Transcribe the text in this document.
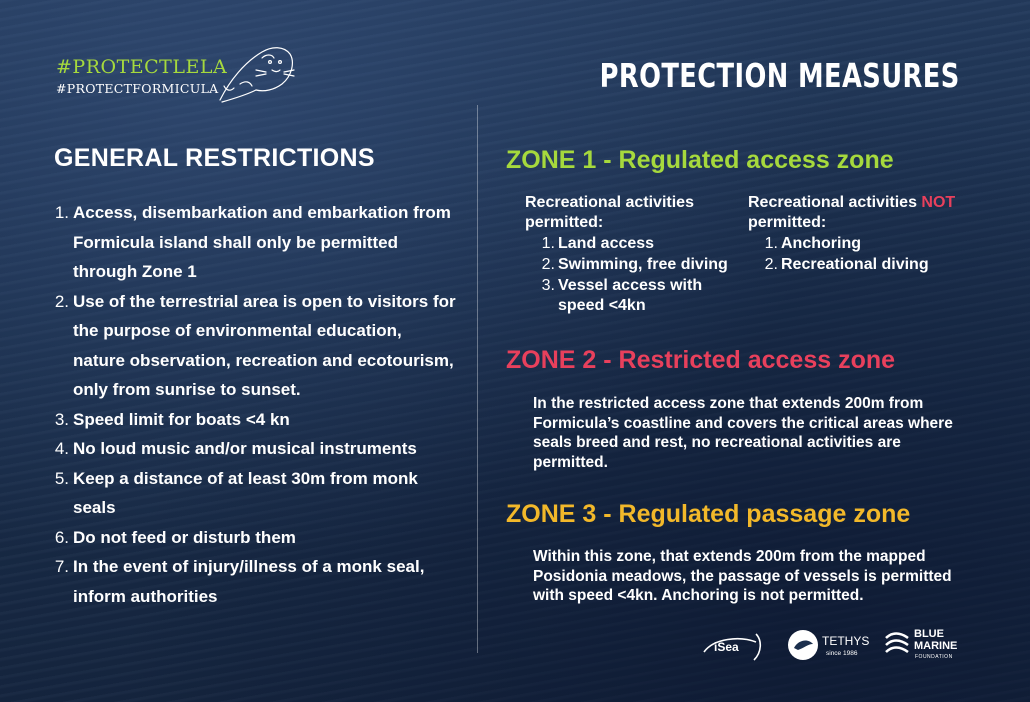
#PROTECTLELA
#PROTECTFORMICULA	PROTECTION MEASURES
GENERAL RESTRICTIONS
1. Access, disembarkation and embarkation from Formicula island shall only be permitted through Zone 1
2. Use of the terrestrial area is open to visitors for the purpose of environmental education, nature observation, recreation and ecotourism, only from sunrise to sunset.
3. Speed limit for boats <4 kn
4. No loud music and/or musical instruments
5. Keep a distance of at least 30m from monk seals
6. Do not feed or disturb them
7. In the event of injury/illness of a monk seal, inform authorities
ZONE 1 - Regulated access zone
Recreational activities permitted:
1. Land access
2. Swimming, free diving
3. Vessel access with speed <4kn
Recreational activities NOT permitted:
1. Anchoring
2. Recreational diving
ZONE 2 - Restricted access zone
In the restricted access zone that extends 200m from Formicula’s coastline and covers the critical areas where seals breed and rest, no recreational activities are permitted.
ZONE 3 - Regulated passage zone
Within this zone, that extends 200m from the mapped Posidonia meadows, the passage of vessels is permitted with speed <4kn. Anchoring is not permitted.
iSea	TETHYS
since 1986
BLUE
MARINE
FOUNDATION
